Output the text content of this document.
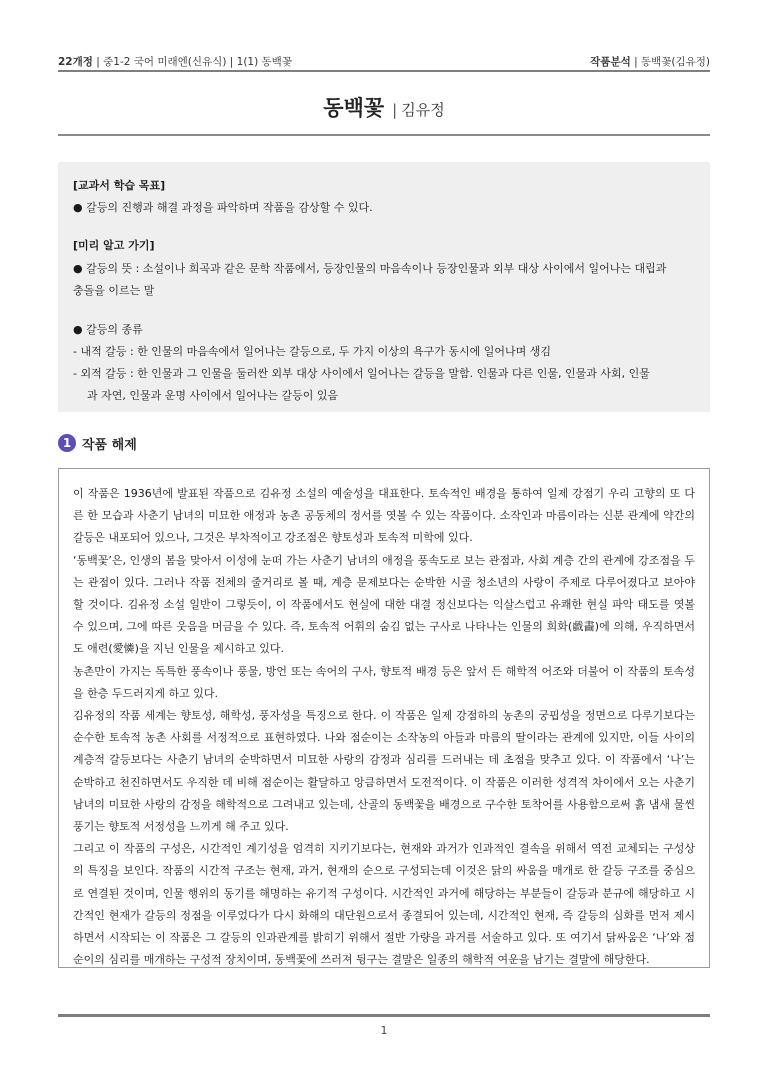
22개정 | 중1-2 국어 미래엔(신유식) | 1(1) 동백꽃	작품분석 | 동백꽃(김유정)
동백꽃 | 김유정
[교과서 학습 목표]
● 갈등의 진행과 해결 과정을 파악하며 작품을 감상할 수 있다.
[미리 알고 가기]
● 갈등의 뜻 : 소설이나 희곡과 같은 문학 작품에서, 등장인물의 마음속이나 등장인물과 외부 대상 사이에서 일어나는 대립과
충돌을 이르는 말
● 갈등의 종류
- 내적 갈등 : 한 인물의 마음속에서 일어나는 갈등으로, 두 가지 이상의 욕구가 동시에 일어나며 생김
- 외적 갈등 : 한 인물과 그 인물을 둘러싼 외부 대상 사이에서 일어나는 갈등을 말함. 인물과 다른 인물, 인물과 사회, 인물
과 자연, 인물과 운명 사이에서 일어나는 갈등이 있음
1 작품 해제

이 작품은 1936년에 발표된 작품으로 김유정 소설의 예술성을 대표한다. 토속적인 배경을 통하여 일제 강점기 우리 고향의 또 다른 한 모습과 사춘기 남녀의 미묘한 애정과 농촌 공동체의 정서를 엿볼 수 있는 작품이다. 소작인과 마름이라는 신분 관계에 약간의 갈등은 내포되어 있으나, 그것은 부차적이고 강조점은 향토성과 토속적 미학에 있다.

‘동백꽃’은, 인생의 봄을 맞아서 이성에 눈떠 가는 사춘기 남녀의 애정을 풍속도로 보는 관점과, 사회 계층 간의 관계에 강조점을 두는 관점이 있다. 그러나 작품 전체의 줄거리로 볼 때, 계층 문제보다는 순박한 시골 청소년의 사랑이 주제로 다루어졌다고 보아야 할 것이다. 김유정 소설 일반이 그렇듯이, 이 작품에서도 현실에 대한 대결 정신보다는 익살스럽고 유쾌한 현실 파악 태도를 엿볼 수 있으며, 그에 따른 웃음을 머금을 수 있다. 즉, 토속적 어휘의 숨김 없는 구사로 나타나는 인물의 희화(戱畵)에 의해, 우직하면서도 애련(愛憐)을 지닌 인물을 제시하고 있다.

농촌만이 가지는 독특한 풍속이나 풍물, 방언 또는 속어의 구사, 향토적 배경 등은 앞서 든 해학적 어조와 더불어 이 작품의 토속성을 한층 두드러지게 하고 있다.

김유정의 작품 세계는 향토성, 해학성, 풍자성을 특징으로 한다. 이 작품은 일제 강점하의 농촌의 궁핍성을 정면으로 다루기보다는 순수한 토속적 농촌 사회를 서정적으로 표현하였다. 나와 점순이는 소작농의 아들과 마름의 딸이라는 관계에 있지만, 이들 사이의 계층적 갈등보다는 사춘기 남녀의 순박하면서 미묘한 사랑의 감정과 심리를 드러내는 데 초점을 맞추고 있다. 이 작품에서 ‘나’는 순박하고 천진하면서도 우직한 데 비해 점순이는 활달하고 앙큼하면서 도전적이다. 이 작품은 이러한 성격적 차이에서 오는 사춘기 남녀의 미묘한 사랑의 감정을 해학적으로 그려내고 있는데, 산골의 동백꽃을 배경으로 구수한 토착어를 사용함으로써 흙 냄새 물씬 풍기는 향토적 서정성을 느끼게 해 주고 있다.

그리고 이 작품의 구성은, 시간적인 계기성을 엄격히 지키기보다는, 현재와 과거가 인과적인 결속을 위해서 역전 교체되는 구성상의 특징을 보인다. 작품의 시간적 구조는 현재, 과거, 현재의 순으로 구성되는데 이것은 닭의 싸움을 매개로 한 갈등 구조를 중심으로 연결된 것이며, 인물 행위의 동기를 해명하는 유기적 구성이다. 시간적인 과거에 해당하는 부분들이 갈등과 분규에 해당하고 시간적인 현재가 갈등의 정점을 이루었다가 다시 화해의 대단원으로서 종결되어 있는데, 시간적인 현재, 즉 갈등의 심화를 먼저 제시하면서 시작되는 이 작품은 그 갈등의 인과관계를 밝히기 위해서 절반 가량을 과거를 서술하고 있다. 또 여기서 닭싸움은 ‘나’와 점순이의 심리를 매개하는 구성적 장치이며, 동백꽃에 쓰러져 뒹구는 결말은 일종의 해학적 여운을 남기는 결말에 해당한다.

1
